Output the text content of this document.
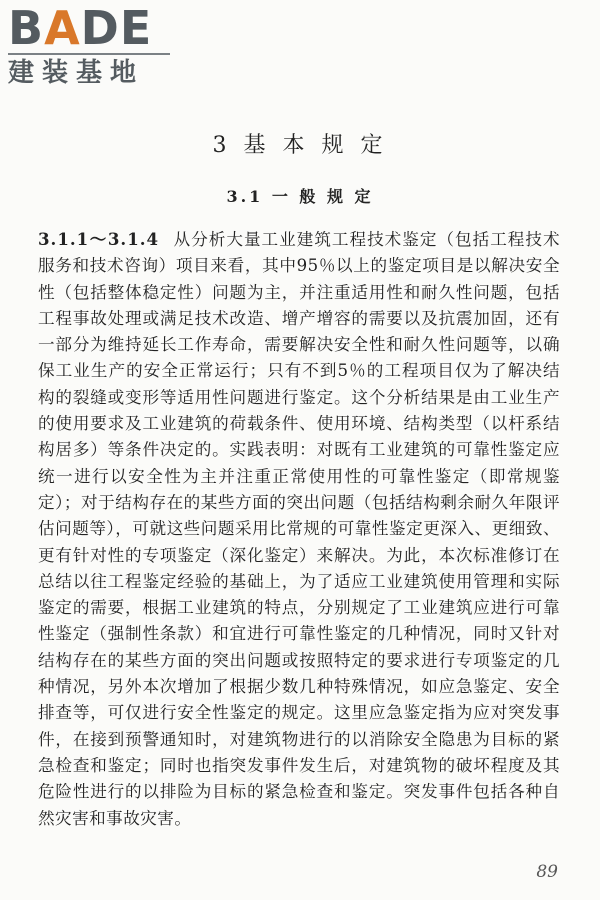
BADE
建装基地
3 基 本 规 定
3.1 一 般 规 定
3.1.1～3.1.4 从分析大量工业建筑工程技术鉴定（包括工程技术服务和技术咨询）项目来看，其中95％以上的鉴定项目是以解决安全性（包括整体稳定性）问题为主，并注重适用性和耐久性问题，包括工程事故处理或满足技术改造、增产增容的需要以及抗震加固，还有一部分为维持延长工作寿命，需要解决安全性和耐久性问题等，以确保工业生产的安全正常运行；只有不到5％的工程项目仅为了解决结构的裂缝或变形等适用性问题进行鉴定。这个分析结果是由工业生产的使用要求及工业建筑的荷载条件、使用环境、结构类型（以杆系结构居多）等条件决定的。实践表明：对既有工业建筑的可靠性鉴定应统一进行以安全性为主并注重正常使用性的可靠性鉴定（即常规鉴定）；对于结构存在的某些方面的突出问题（包括结构剩余耐久年限评估问题等），可就这些问题采用比常规的可靠性鉴定更深入、更细致、更有针对性的专项鉴定（深化鉴定）来解决。为此，本次标准修订在总结以往工程鉴定经验的基础上，为了适应工业建筑使用管理和实际鉴定的需要，根据工业建筑的特点，分别规定了工业建筑应进行可靠性鉴定（强制性条款）和宜进行可靠性鉴定的几种情况，同时又针对结构存在的某些方面的突出问题或按照特定的要求进行专项鉴定的几种情况，另外本次增加了根据少数几种特殊情况，如应急鉴定、安全排查等，可仅进行安全性鉴定的规定。这里应急鉴定指为应对突发事件，在接到预警通知时，对建筑物进行的以消除安全隐患为目标的紧急检查和鉴定；同时也指突发事件发生后，对建筑物的破坏程度及其危险性进行的以排险为目标的紧急检查和鉴定。突发事件包括各种自然灾害和事故灾害。
89
